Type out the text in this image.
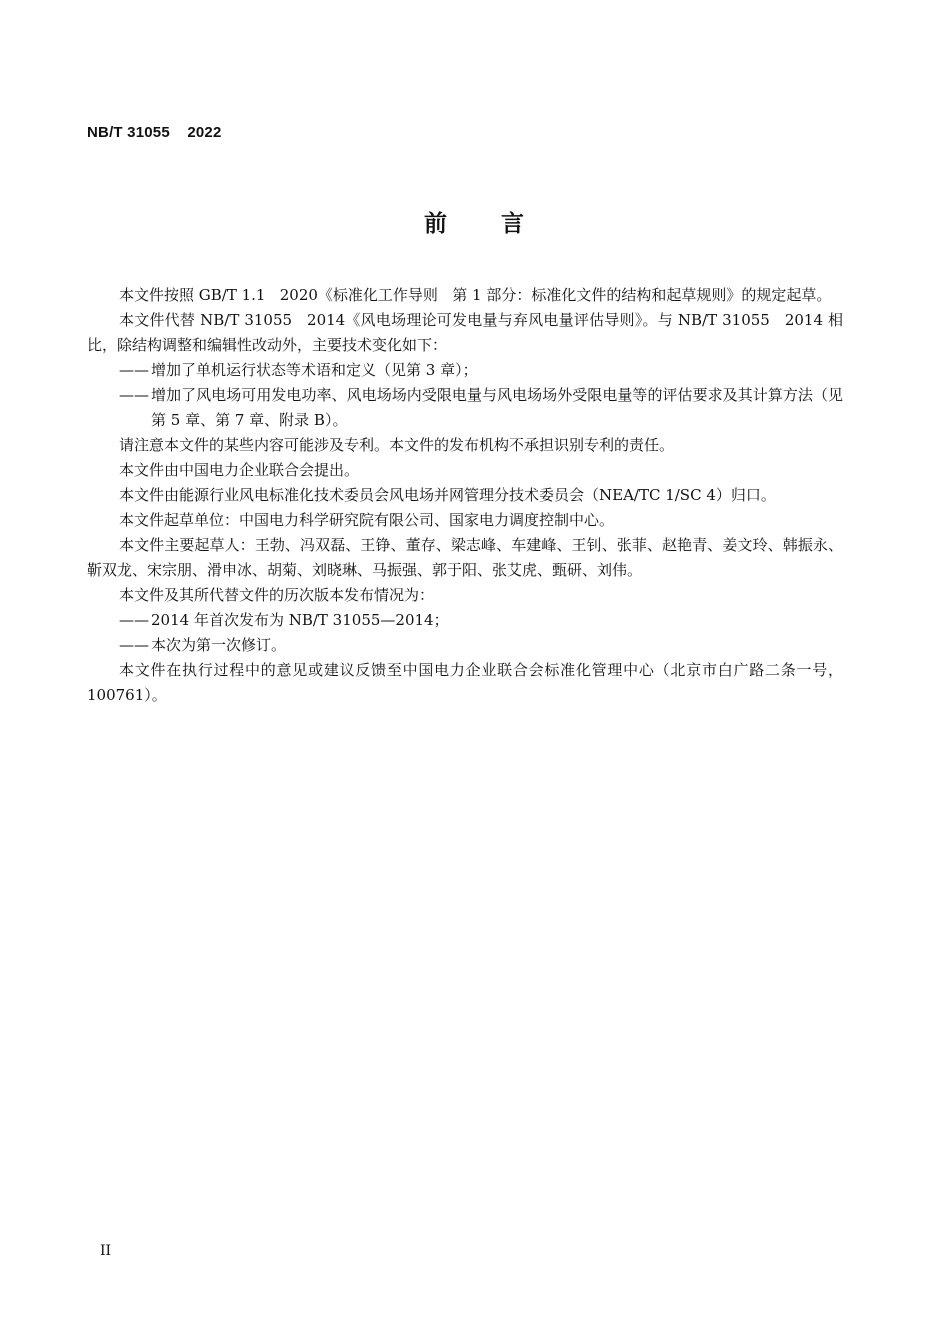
NB/T 31055    2022
前 言

本文件按照 GB/T 1.1   2020《标准化工作导则   第 1 部分：标准化文件的结构和起草规则》的规定起草。

本文件代替 NB/T 31055   2014《风电场理论可发电量与弃风电量评估导则》。与 NB/T 31055   2014 相比，除结构调整和编辑性改动外，主要技术变化如下：

—— 增加了单机运行状态等术语和定义（见第 3 章）；

—— 增加了风电场可用发电功率、风电场场内受限电量与风电场场外受限电量等的评估要求及其计算方法（见第 5 章、第 7 章、附录 B）。

请注意本文件的某些内容可能涉及专利。本文件的发布机构不承担识别专利的责任。

本文件由中国电力企业联合会提出。

本文件由能源行业风电标准化技术委员会风电场并网管理分技术委员会（NEA/TC 1/SC 4）归口。

本文件起草单位：中国电力科学研究院有限公司、国家电力调度控制中心。

本文件主要起草人：王勃、冯双磊、王铮、董存、梁志峰、车建峰、王钊、张菲、赵艳青、姜文玲、韩振永、靳双龙、宋宗朋、滑申冰、胡菊、刘晓琳、马振强、郭于阳、张艾虎、甄研、刘伟。

本文件及其所代替文件的历次版本发布情况为：

—— 2014 年首次发布为 NB/T 31055—2014；

—— 本次为第一次修订。

本文件在执行过程中的意见或建议反馈至中国电力企业联合会标准化管理中心（北京市白广路二条一号，100761）。

II
